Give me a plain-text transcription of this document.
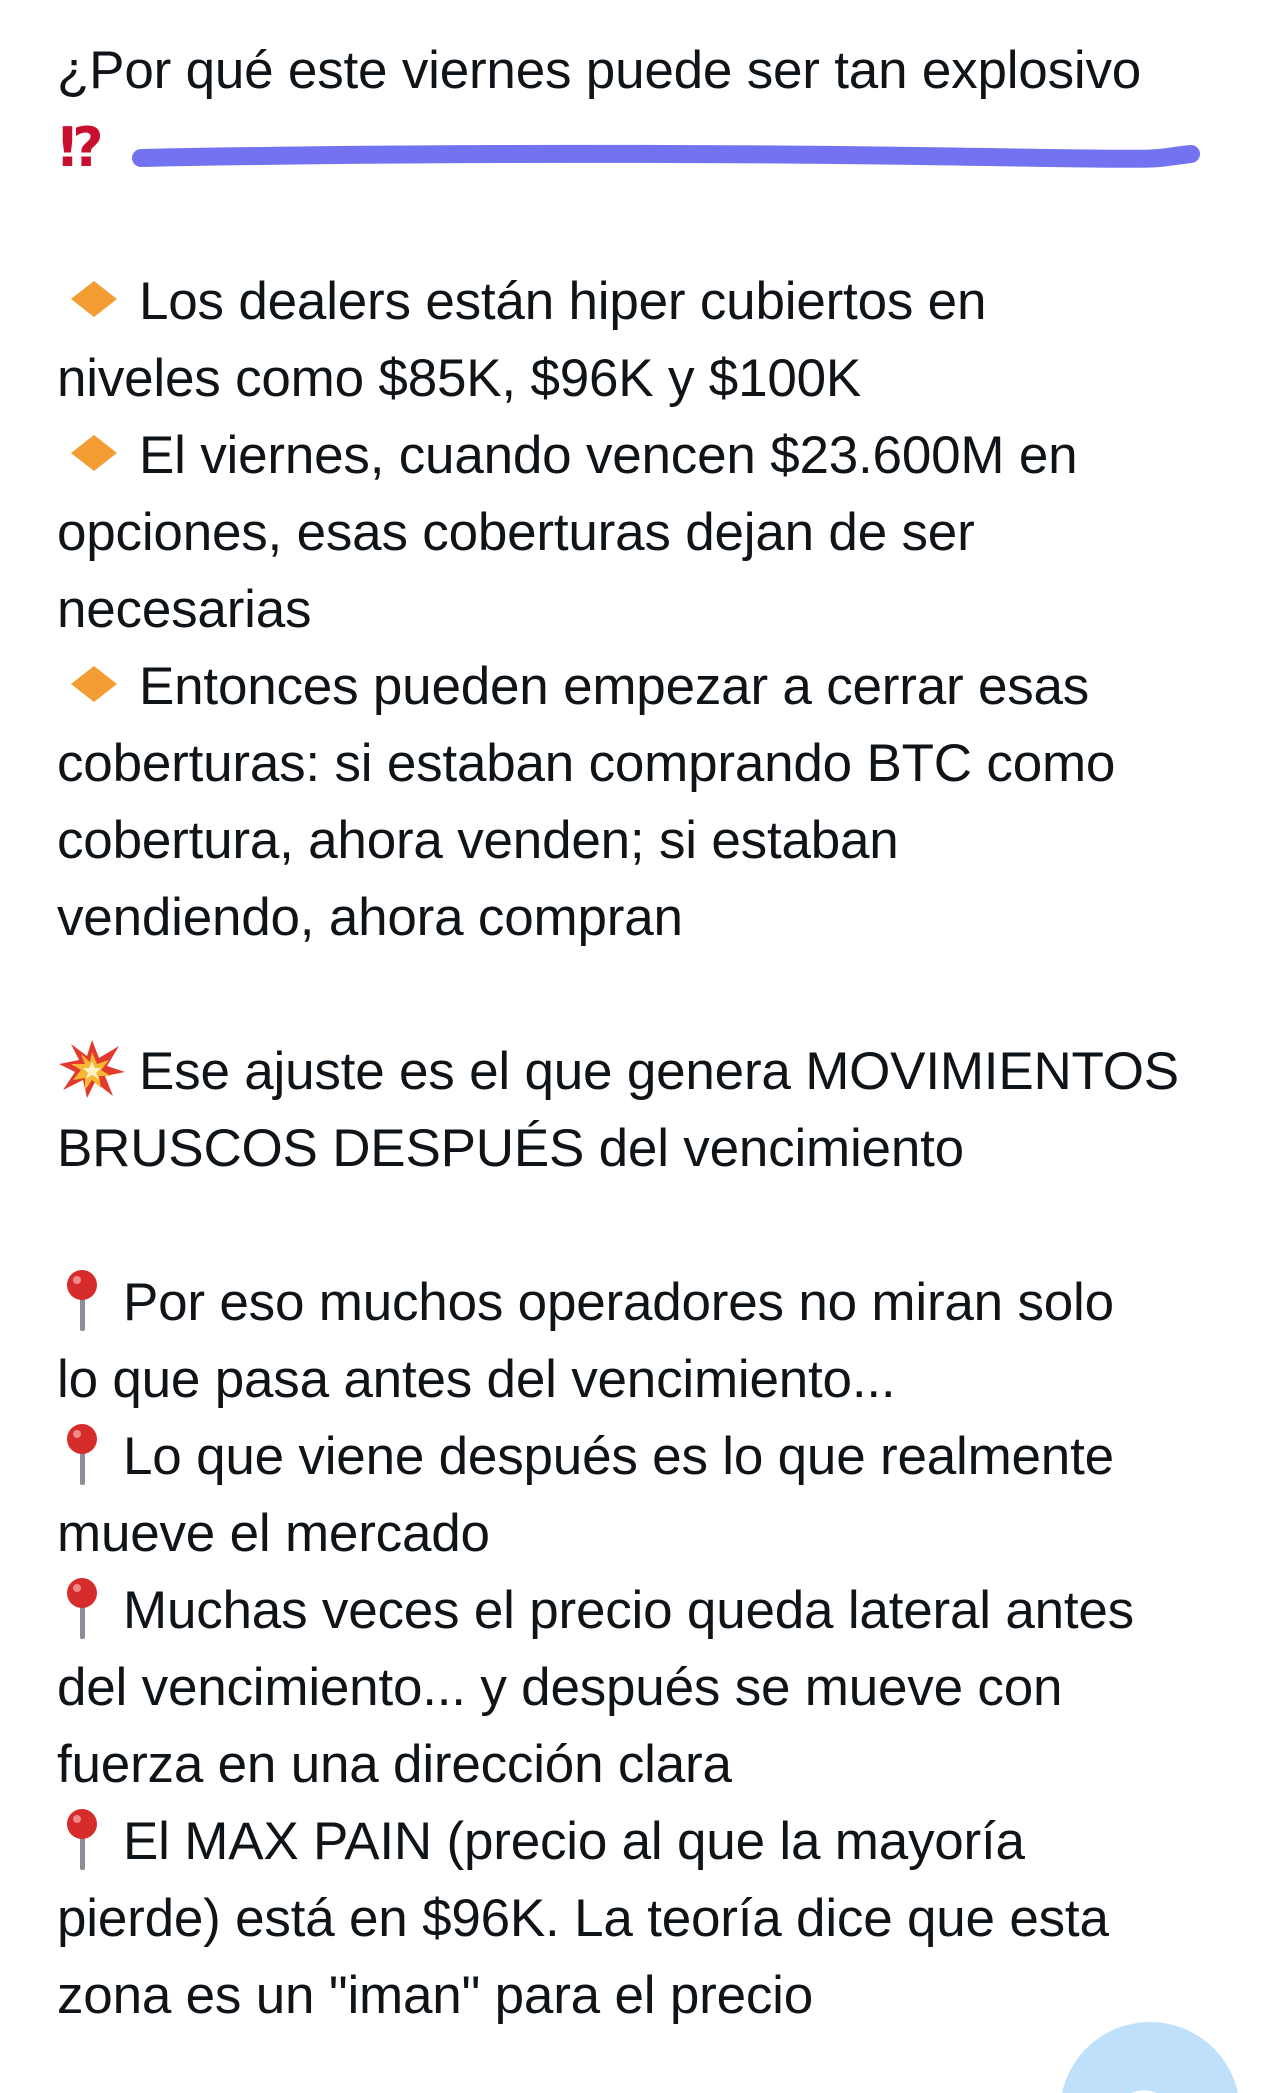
¿Por qué este viernes puede ser tan explosivo
⁉
Los dealers están hiper cubiertos en
niveles como $85K, $96K y $100K
El viernes, cuando vencen $23.600M en
opciones, esas coberturas dejan de ser
necesarias
Entonces pueden empezar a cerrar esas
coberturas: si estaban comprando BTC como
cobertura, ahora venden; si estaban
vendiendo, ahora compran
Ese ajuste es el que genera MOVIMIENTOS
BRUSCOS DESPUÉS del vencimiento
Por eso muchos operadores no miran solo
lo que pasa antes del vencimiento...
Lo que viene después es lo que realmente
mueve el mercado
Muchas veces el precio queda lateral antes
del vencimiento... y después se mueve con
fuerza en una dirección clara
El MAX PAIN (precio al que la mayoría
pierde) está en $96K. La teoría dice que esta
zona es un "iman" para el precio
